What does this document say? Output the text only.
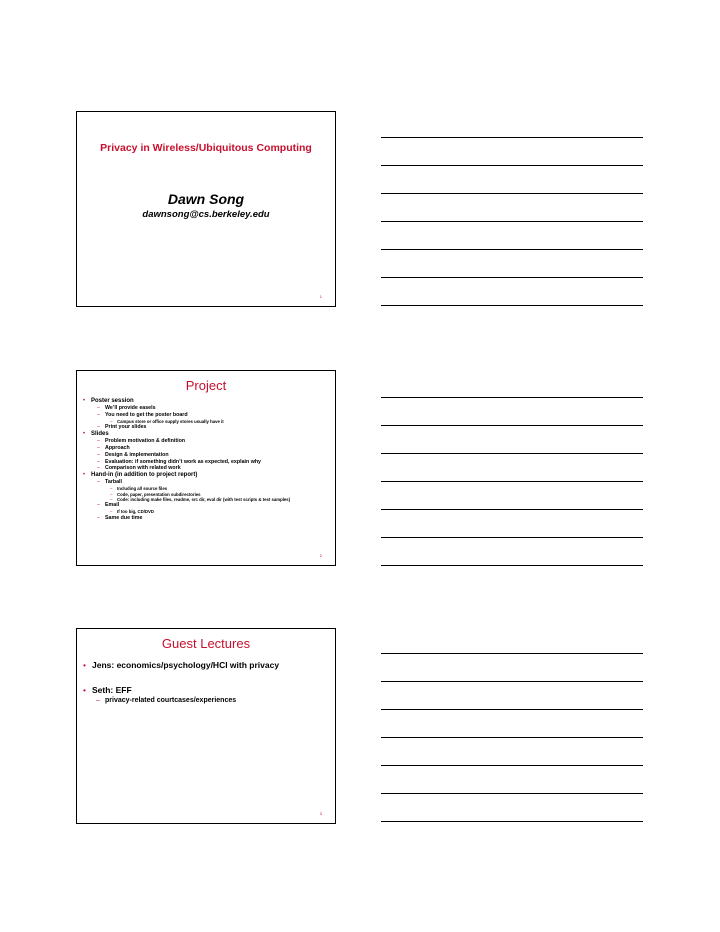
Privacy in Wireless/Ubiquitous Computing
Dawn Song
dawnsong@cs.berkeley.edu
1
Project
• Poster session
– We’ll provide easels
– You need to get the poster board
– Campus store or office supply stores usually have it
– Print your slides
• Slides
– Problem motivation & definition
– Approach
– Design & implementation
– Evaluation: if something didn’t work as expected, explain why
– Comparison with related work
• Hand-in (in addition to project report)
– Tarball
– Including all source files
– Code, paper, presentation subdirectories
– Code: including make files, readme, src dir, eval dir (with test scripts & test samples)
– Email
– If too big, CD/DVD
– Same due time
2
Guest Lectures
• Jens: economics/psychology/HCI with privacy
• Seth: EFF
– privacy-related courtcases/experiences
3
